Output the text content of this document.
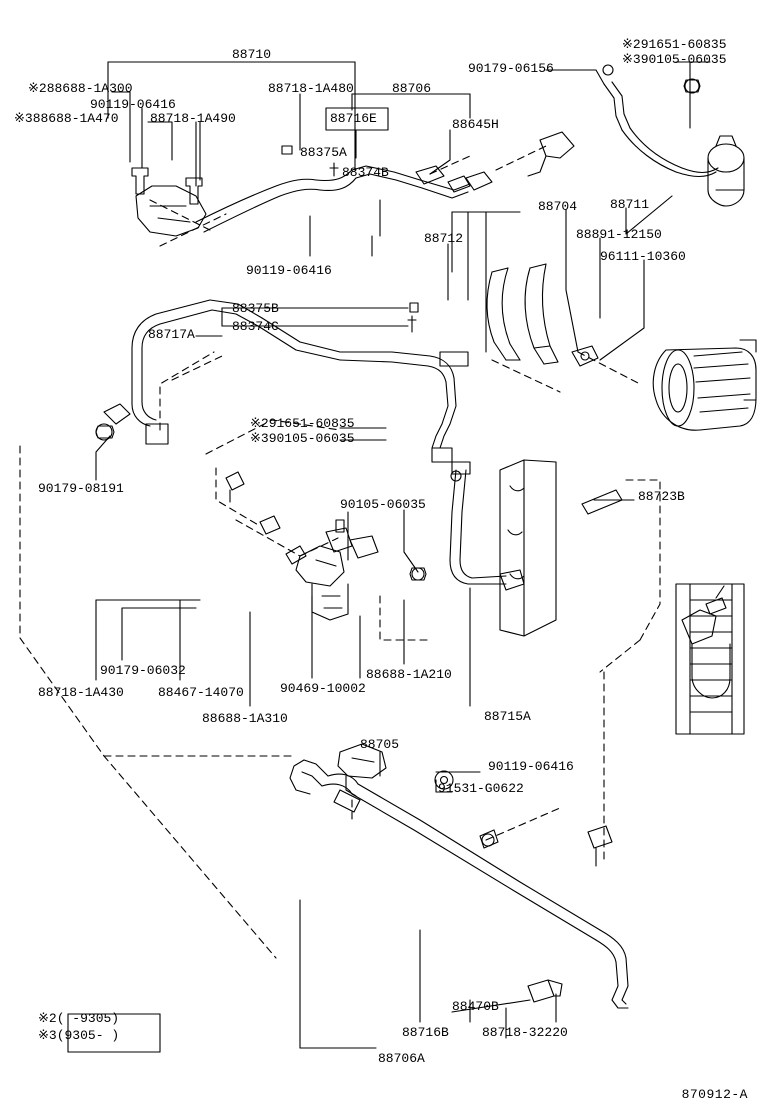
88710
※288688-1A300
90179-06156
※291651-60835
※390105-06035
88718-1A480	88706
90119-06416
※388688-1A470 88718-1A490	88716E	88645H
88375A
88374B
88704	88711
88891-12150
88712
96111-10360
90119-06416
88375B
88374C
88717A
※291651-60835
※390105-06035
90179-08191
90105-06035
88723B
90179-06032	88688-1A210
88718-1A430	88467-14070	90469-10002
88688-1A310	88715A
88705
90119-06416
91531-G0622
88470B
88716B	88718-32220
88706A
※2( -9305)
※3(9305- )
870912-A
